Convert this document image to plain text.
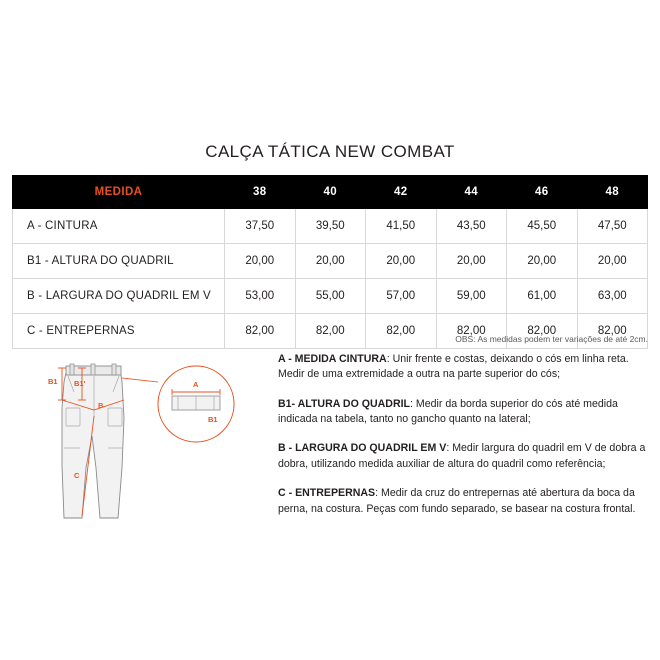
CALÇA TÁTICA NEW COMBAT
MEDIDA	38	40	42	44	46	48
A - CINTURA	37,50	39,50	41,50	43,50	45,50	47,50
B1 - ALTURA DO QUADRIL	20,00	20,00	20,00	20,00	20,00	20,00
B - LARGURA DO QUADRIL EM V	53,00	55,00	57,00	59,00	61,00	63,00
C - ENTREPERNAS	82,00	82,00	82,00	82,00	82,00	82,00
OBS: As medidas podem ter variações de até 2cm.
B1 B1'
B
C
A
B1

A - MEDIDA CINTURA: Unir frente e costas, deixando o cós em linha reta. Medir de uma extremidade a outra na parte superior do cós;

B1- ALTURA DO QUADRIL: Medir da borda superior do cós até medida indicada na tabela, tanto no gancho quanto na lateral;

B - LARGURA DO QUADRIL EM V: Medir largura do quadril em V de dobra a dobra, utilizando medida auxiliar de altura do quadril como referência;

C - ENTREPERNAS: Medir da cruz do entrepernas até abertura da boca da perna, na costura. Peças com fundo separado, se basear na costura frontal.
